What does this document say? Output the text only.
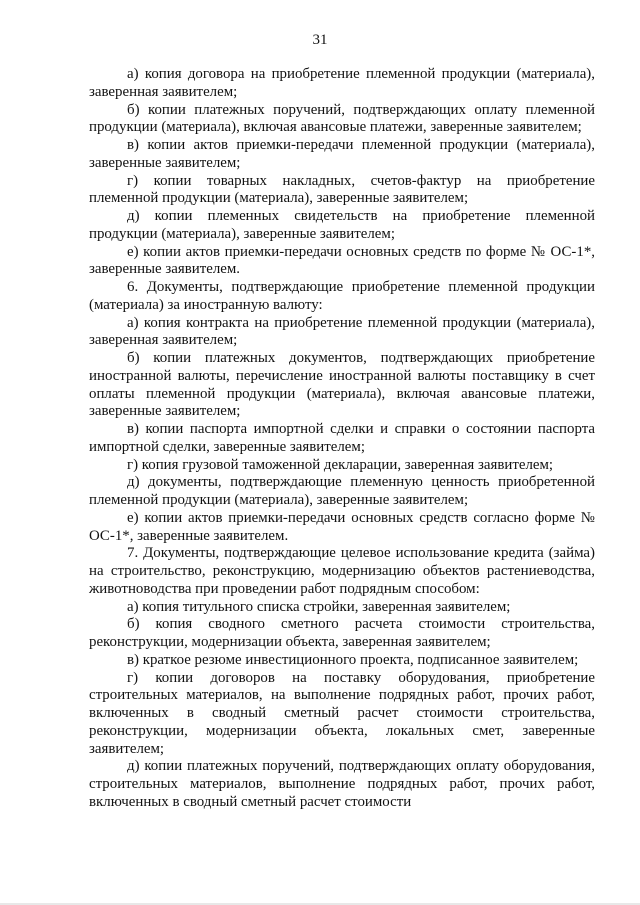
31

а) копия договора на приобретение племенной продукции (материала), заверенная заявителем;

б) копии платежных поручений, подтверждающих оплату племенной продукции (материала), включая авансовые платежи, заверенные заявителем;

в) копии актов приемки-передачи племенной продукции (материала), заверенные заявителем;

г) копии товарных накладных, счетов-фактур на приобретение племенной продукции (материала), заверенные заявителем;

д) копии племенных свидетельств на приобретение племенной продукции (материала), заверенные заявителем;

е) копии актов приемки-передачи основных средств по форме № ОС-1*, заверенные заявителем.

6. Документы, подтверждающие приобретение племенной продукции (материала) за иностранную валюту:

а) копия контракта на приобретение племенной продукции (материала), заверенная заявителем;

б) копии платежных документов, подтверждающих приобретение иностранной валюты, перечисление иностранной валюты поставщику в счет оплаты племенной продукции (материала), включая авансовые платежи, заверенные заявителем;

в) копии паспорта импортной сделки и справки о состоянии паспорта импортной сделки, заверенные заявителем;

г) копия грузовой таможенной декларации, заверенная заявителем;

д) документы, подтверждающие племенную ценность приобретенной племенной продукции (материала), заверенные заявителем;

е) копии актов приемки-передачи основных средств согласно форме № ОС-1*, заверенные заявителем.

7. Документы, подтверждающие целевое использование кредита (займа) на строительство, реконструкцию, модернизацию объектов растениеводства, животноводства при проведении работ подрядным способом:

а) копия титульного списка стройки, заверенная заявителем;

б) копия сводного сметного расчета стоимости строительства, реконструкции, модернизации объекта, заверенная заявителем;

в) краткое резюме инвестиционного проекта, подписанное заявителем;

г) копии договоров на поставку оборудования, приобретение строительных материалов, на выполнение подрядных работ, прочих работ, включенных в сводный сметный расчет стоимости строительства, реконструкции, модернизации объекта, локальных смет, заверенные заявителем;

д) копии платежных поручений, подтверждающих оплату оборудования, строительных материалов, выполнение подрядных работ, прочих работ, включенных в сводный сметный расчет стоимости
